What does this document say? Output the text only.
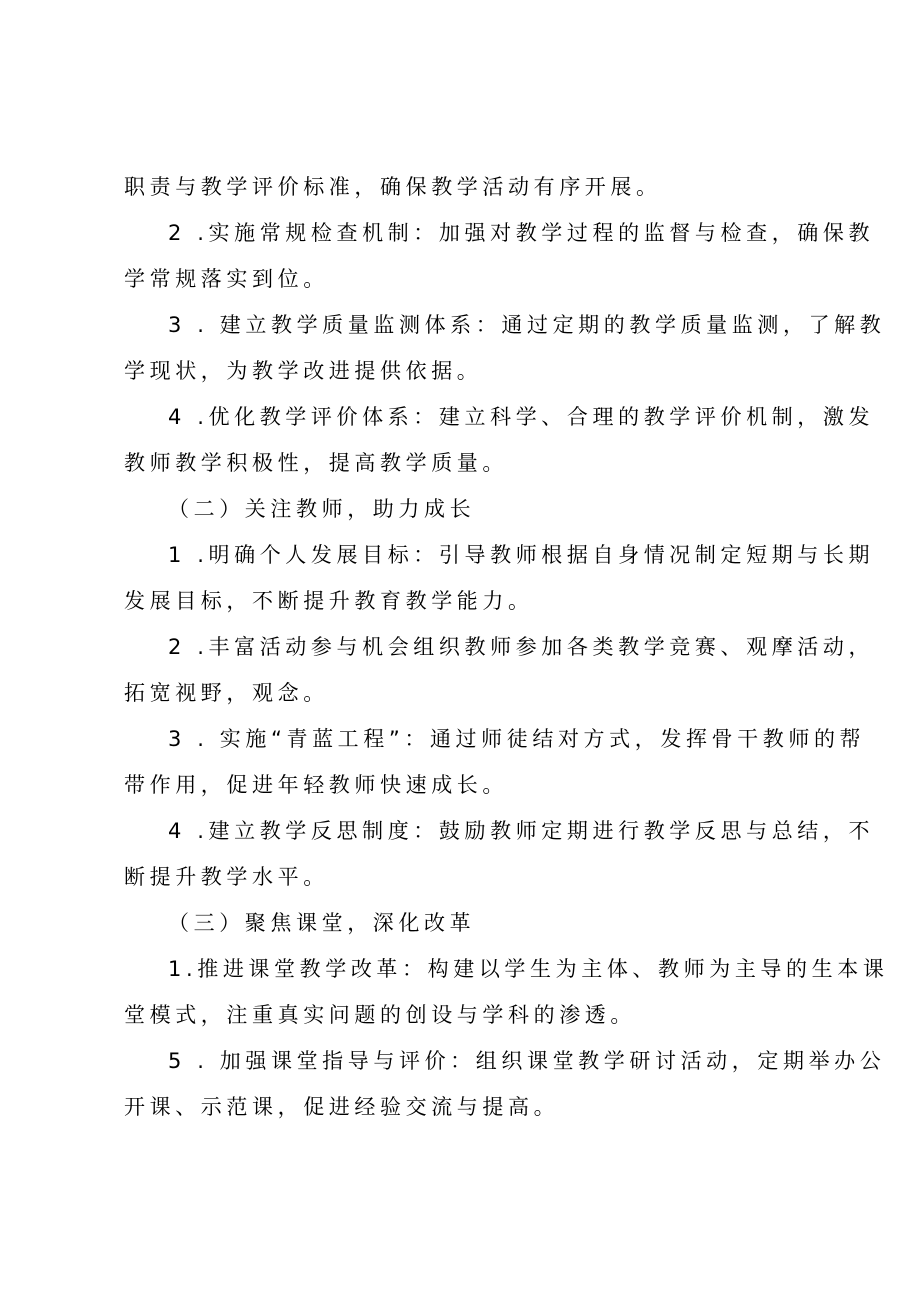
职责与教学评价标准，确保教学活动有序开展。
2 .实施常规检查机制：加强对教学过程的监督与检查，确保教
学常规落实到位。
3 . 建立教学质量监测体系：通过定期的教学质量监测，了解教
学现状，为教学改进提供依据。
4 .优化教学评价体系：建立科学、合理的教学评价机制，激发
教师教学积极性，提高教学质量。
（二）关注教师，助力成长
1 .明确个人发展目标：引导教师根据自身情况制定短期与长期
发展目标，不断提升教育教学能力。
2 .丰富活动参与机会组织教师参加各类教学竞赛、观摩活动，
拓宽视野，观念。
3 . 实施“青蓝工程”：通过师徒结对方式，发挥骨干教师的帮
带作用，促进年轻教师快速成长。
4 .建立教学反思制度：鼓励教师定期进行教学反思与总结，不
断提升教学水平。
（三）聚焦课堂，深化改革
1.推进课堂教学改革：构建以学生为主体、教师为主导的生本课
堂模式，注重真实问题的创设与学科的渗透。
5 . 加强课堂指导与评价：组织课堂教学研讨活动，定期举办公
开课、示范课，促进经验交流与提高。
